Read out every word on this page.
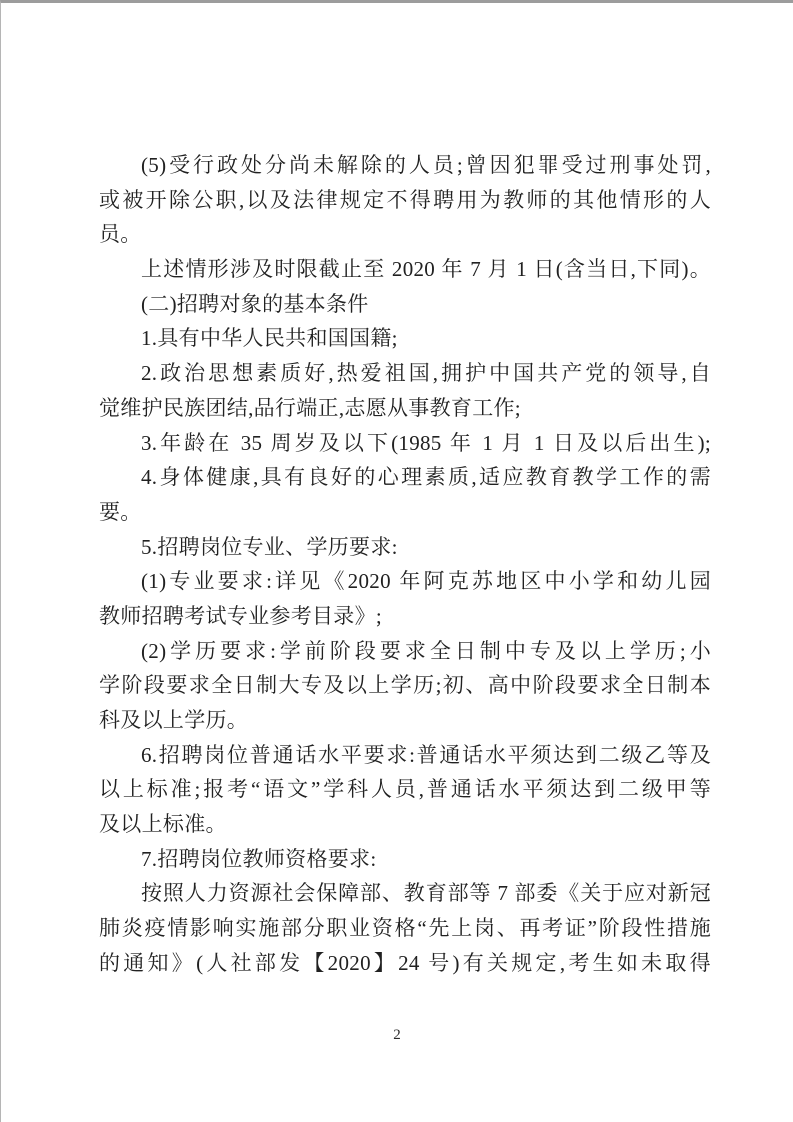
(5)受行政处分尚未解除的人员;曾因犯罪受过刑事处罚,
或被开除公职,以及法律规定不得聘用为教师的其他情形的人
员。
上述情形涉及时限截止至 2020 年 7 月 1 日(含当日,下同)。
(二)招聘对象的基本条件
1.具有中华人民共和国国籍;
2.政治思想素质好,热爱祖国,拥护中国共产党的领导,自
觉维护民族团结,品行端正,志愿从事教育工作;
3.年龄在 35 周岁及以下(1985 年 1 月 1 日及以后出生);
4.身体健康,具有良好的心理素质,适应教育教学工作的需
要。
5.招聘岗位专业、学历要求:
(1)专业要求:详见《2020 年阿克苏地区中小学和幼儿园
教师招聘考试专业参考目录》;
(2)学历要求:学前阶段要求全日制中专及以上学历;小
学阶段要求全日制大专及以上学历;初、高中阶段要求全日制本
科及以上学历。
6.招聘岗位普通话水平要求:普通话水平须达到二级乙等及
以上标准;报考“语文”学科人员,普通话水平须达到二级甲等
及以上标准。
7.招聘岗位教师资格要求:
按照人力资源社会保障部、教育部等 7 部委《关于应对新冠
肺炎疫情影响实施部分职业资格“先上岗、再考证”阶段性措施
的通知》(人社部发【2020】24 号)有关规定,考生如未取得
2
